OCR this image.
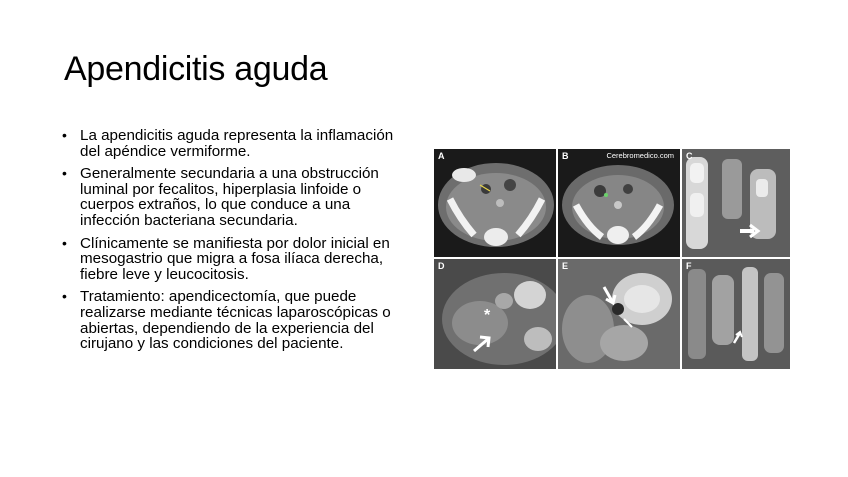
Apendicitis aguda
• La apendicitis aguda representa la inflamación del apéndice vermiforme.
• Generalmente secundaria a una obstrucción luminal por fecalitos, hiperplasia linfoide o cuerpos extraños, lo que conduce a una infección bacteriana secundaria.
• Clínicamente se manifiesta por dolor inicial en mesogastrio que migra a fosa ilíaca derecha, fiebre leve y leucocitosis.
• Tratamiento: apendicectomía, que puede realizarse mediante técnicas laparoscópicas o abiertas, dependiendo de la experiencia del cirujano y las condiciones del paciente.
A	B	Cerebromedico.com C
D
*
E	F
